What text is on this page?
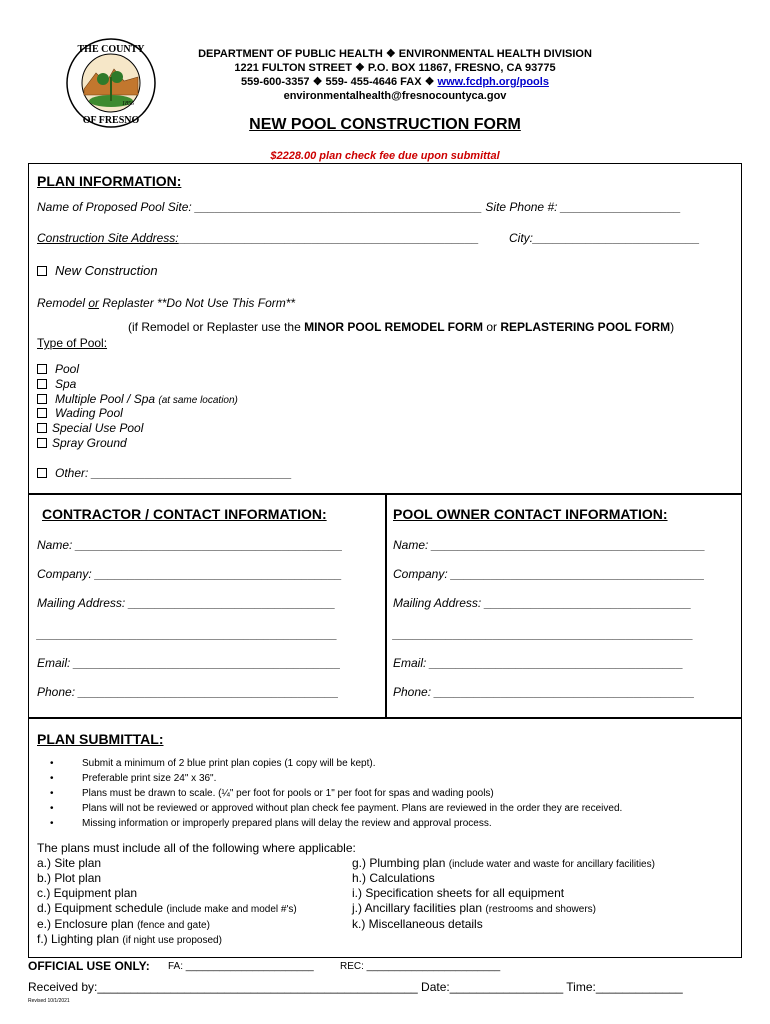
1856
THE COUNTY
OF FRESNO
DEPARTMENT OF PUBLIC HEALTH ❖ ENVIRONMENTAL HEALTH DIVISION
1221 FULTON STREET ❖ P.O. BOX 11867, FRESNO, CA 93775
559-600-3357 ❖ 559- 455-4646 FAX ❖ www.fcdph.org/pools
environmentalhealth@fresnocountyca.gov
NEW POOL CONSTRUCTION FORM
$2228.00 plan check fee due upon submittal
PLAN INFORMATION:
Name of Proposed Pool Site: ___________________________________________ Site Phone #: __________________
Construction Site Address:_____________________________________________	City:_________________________
New Construction
Remodel or Replaster **Do Not Use This Form**
(if Remodel or Replaster use the MINOR POOL REMODEL FORM or REPLASTERING POOL FORM)
Type of Pool:
Pool
Spa
Multiple Pool / Spa (at same location)
Wading Pool
Special Use Pool
Spray Ground
Other: ______________________________
CONTRACTOR / CONTACT INFORMATION:
Name: ________________________________________
Company: _____________________________________
Mailing Address: _______________________________
_____________________________________________
Email: ________________________________________
Phone: _______________________________________
POOL OWNER CONTACT INFORMATION:
Name: _________________________________________
Company: ______________________________________
Mailing Address: _______________________________
_____________________________________________
Email: ______________________________________
Phone: _______________________________________
PLAN SUBMITTAL:
• Submit a minimum of 2 blue print plan copies (1 copy will be kept).
• Preferable print size 24" x 36".
• Plans must be drawn to scale. (¼" per foot for pools or 1" per foot for spas and wading pools)
• Plans will not be reviewed or approved without plan check fee payment. Plans are reviewed in the order they are received.
• Missing information or improperly prepared plans will delay the review and approval process.
The plans must include all of the following where applicable:
a.) Site plan
b.) Plot plan
c.) Equipment plan
d.) Equipment schedule (include make and model #'s)
e.) Enclosure plan (fence and gate)
f.) Lighting plan (if night use proposed)
g.) Plumbing plan (include water and waste for ancillary facilities)
h.) Calculations
i.) Specification sheets for all equipment
j.) Ancillary facilities plan (restrooms and showers)
k.) Miscellaneous details
OFFICIAL USE ONLY: FA: _______________________	REC: ________________________
Received by:________________________________________________ Date:_________________ Time:_____________
Revised 10/1/2021
